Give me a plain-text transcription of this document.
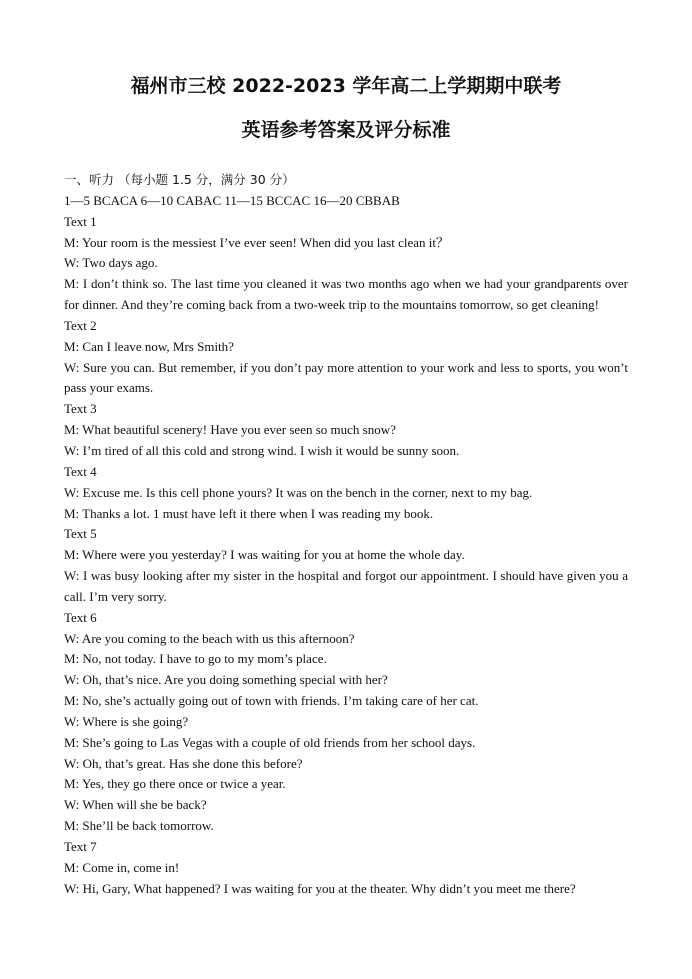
福州市三校 2022-2023 学年高二上学期期中联考
英语参考答案及评分标准

一、听力 （每小题 1.5 分，满分 30 分）

1—5 BCACA 6—10 CABAC 11—15 BCCAC 16—20 CBBAB

Text 1

M: Your room is the messiest I’ve ever seen! When did you last clean it？

W: Two days ago.

M: I don’t think so. The last time you cleaned it was two months ago when we had your grandparents over for dinner. And they’re coming back from a two-week trip to the mountains tomorrow, so get cleaning!

Text 2

M: Can I leave now, Mrs Smith?

W: Sure you can. But remember, if you don’t pay more attention to your work and less to sports, you won’t pass your exams.

Text 3

M: What beautiful scenery! Have you ever seen so much snow?

W: I’m tired of all this cold and strong wind. I wish it would be sunny soon.

Text 4

W: Excuse me. Is this cell phone yours? It was on the bench in the corner, next to my bag.

M: Thanks a lot. 1 must have left it there when I was reading my book.

Text 5

M: Where were you yesterday? I was waiting for you at home the whole day.

W: I was busy looking after my sister in the hospital and forgot our appointment. I should have given you a call. I’m very sorry.

Text 6

W: Are you coming to the beach with us this afternoon?

M: No, not today. I have to go to my mom’s place.

W: Oh, that’s nice. Are you doing something special with her?

M: No, she’s actually going out of town with friends. I’m taking care of her cat.

W: Where is she going?

M: She’s going to Las Vegas with a couple of old friends from her school days.

W: Oh, that’s great. Has she done this before?

M: Yes, they go there once or twice a year.

W: When will she be back?

M: She’ll be back tomorrow.

Text 7

M: Come in, come in!

W: Hi, Gary, What happened? I was waiting for you at the theater. Why didn’t you meet me there?
